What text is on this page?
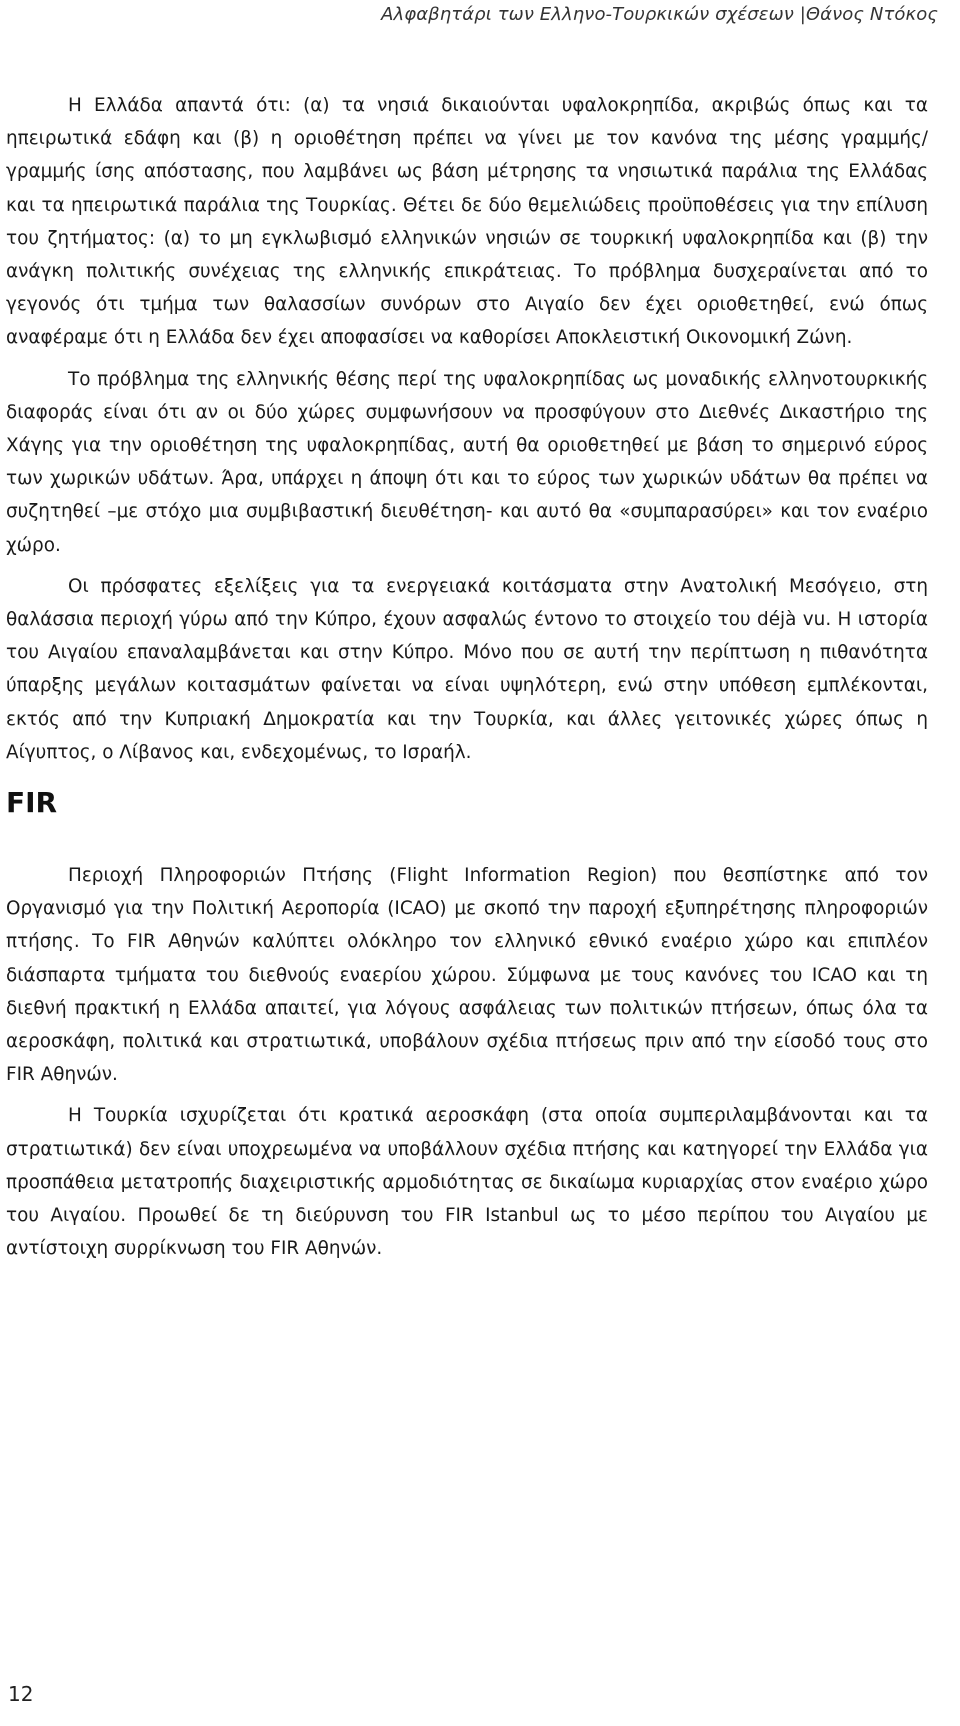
Αλφαβητάρι των Ελληνο-Τουρκικών σχέσεων |Θάνος Ντόκος

Η Ελλάδα απαντά ότι: (α) τα νησιά δικαιούνται υφαλοκρηπίδα, ακριβώς όπως και τα ηπειρωτικά εδάφη και (β) η οριοθέτηση πρέπει να γίνει με τον κανόνα της μέσης γραμμής/γραμμής ίσης απόστασης, που λαμβάνει ως βάση μέτρησης τα νησιωτικά παράλια της Ελλάδας και τα ηπειρωτικά παράλια της Τουρκίας. Θέτει δε δύο θεμελιώδεις προϋποθέσεις για την επίλυση του ζητήματος: (α) το μη εγκλωβισμό ελληνικών νησιών σε τουρκική υφαλοκρηπίδα και (β) την ανάγκη πολιτικής συνέχειας της ελληνικής επικράτειας. Το πρόβλημα δυσχεραίνεται από το γεγονός ότι τμήμα των θαλασσίων συνόρων στο Αιγαίο δεν έχει οριοθετηθεί, ενώ όπως αναφέραμε ότι η Ελλάδα δεν έχει αποφασίσει να καθορίσει Αποκλειστική Οικονομική Ζώνη.

Το πρόβλημα της ελληνικής θέσης περί της υφαλοκρηπίδας ως μοναδικής ελληνοτουρκικής διαφοράς είναι ότι αν οι δύο χώρες συμφωνήσουν να προσφύγουν στο Διεθνές Δικαστήριο της Χάγης για την οριοθέτηση της υφαλοκρηπίδας, αυτή θα οριοθετηθεί με βάση το σημερινό εύρος των χωρικών υδάτων. Άρα, υπάρχει η άποψη ότι και το εύρος των χωρικών υδάτων θα πρέπει να συζητηθεί –με στόχο μια συμβιβαστική διευθέτηση- και αυτό θα «συμπαρασύρει» και τον εναέριο χώρο.

Οι πρόσφατες εξελίξεις για τα ενεργειακά κοιτάσματα στην Ανατολική Μεσόγειο, στη θαλάσσια περιοχή γύρω από την Κύπρο, έχουν ασφαλώς έντονο το στοιχείο του déjà vu. Η ιστορία του Αιγαίου επαναλαμβάνεται και στην Κύπρο. Μόνο που σε αυτή την περίπτωση η πιθανότητα ύπαρξης μεγάλων κοιτασμάτων φαίνεται να είναι υψηλότερη, ενώ στην υπόθεση εμπλέκονται, εκτός από την Κυπριακή Δημοκρατία και την Τουρκία, και άλλες γειτονικές χώρες όπως η Αίγυπτος, ο Λίβανος και, ενδεχομένως, το Ισραήλ.

FIR

Περιοχή Πληροφοριών Πτήσης (Flight Information Region) που θεσπίστηκε από τον Οργανισμό για την Πολιτική Αεροπορία (ICAO) με σκοπό την παροχή εξυπηρέτησης πληροφοριών πτήσης. Το FIR Αθηνών καλύπτει ολόκληρο τον ελληνικό εθνικό εναέριο χώρο και επιπλέον διάσπαρτα τμήματα του διεθνούς εναερίου χώρου. Σύμφωνα με τους κανόνες του ICAO και τη διεθνή πρακτική η Ελλάδα απαιτεί, για λόγους ασφάλειας των πολιτικών πτήσεων, όπως όλα τα αεροσκάφη, πολιτικά και στρατιωτικά, υποβάλουν σχέδια πτήσεως πριν από την είσοδό τους στο FIR Αθηνών.

Η Τουρκία ισχυρίζεται ότι κρατικά αεροσκάφη (στα οποία συμπεριλαμβάνονται και τα στρατιωτικά) δεν είναι υποχρεωμένα να υποβάλλουν σχέδια πτήσης και κατηγορεί την Ελλάδα για προσπάθεια μετατροπής διαχειριστικής αρμοδιότητας σε δικαίωμα κυριαρχίας στον εναέριο χώρο του Αιγαίου. Προωθεί δε τη διεύρυνση του FIR Istanbul ως το μέσο περίπου του Αιγαίου με αντίστοιχη συρρίκνωση του FIR Αθηνών.

12
